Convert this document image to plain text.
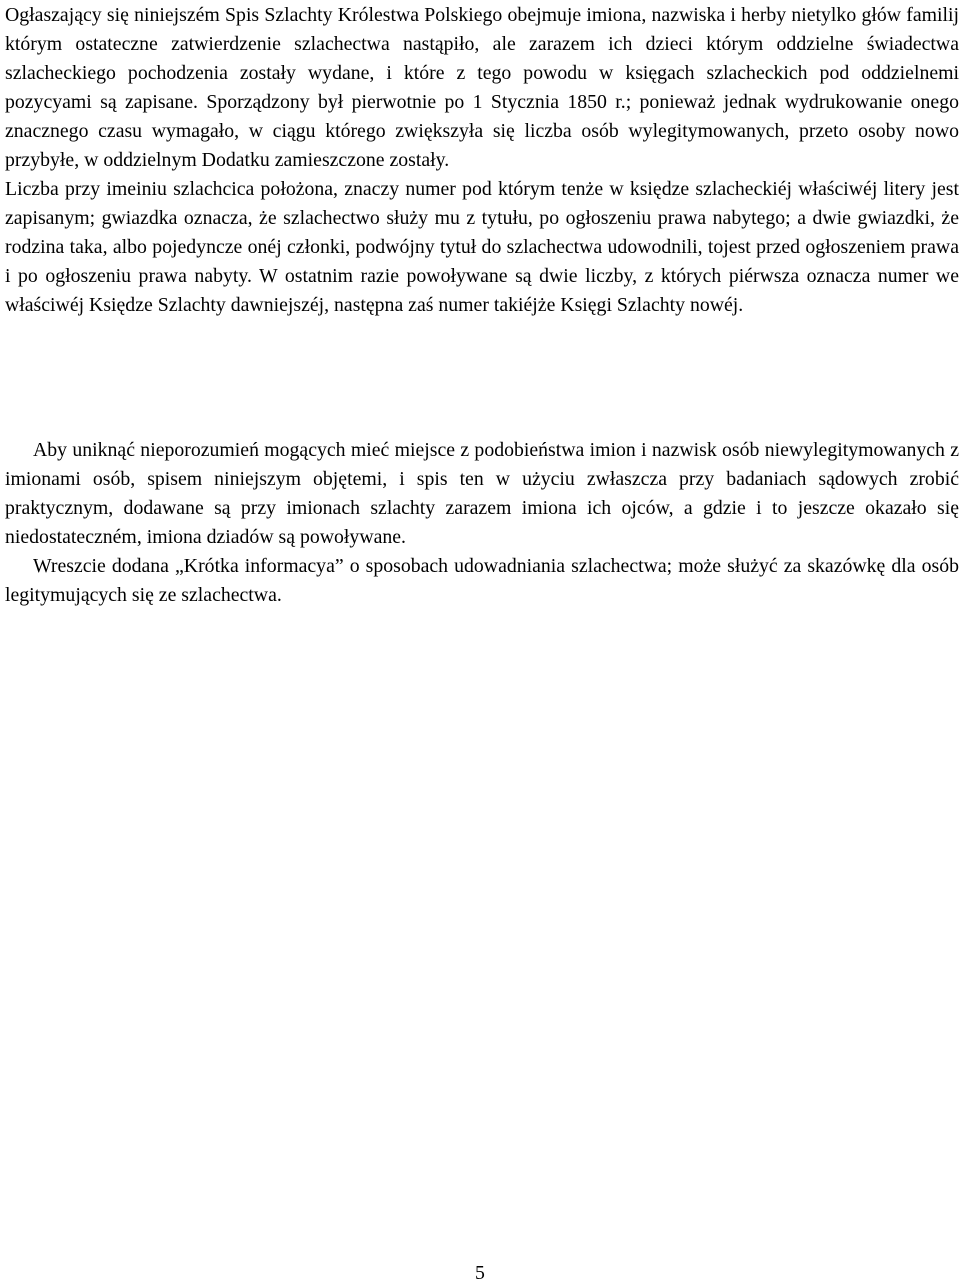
Ogłaszający się niniejszém Spis Szlachty Królestwa Polskiego obejmuje imiona, nazwiska i herby nietylko głów familij którym ostateczne zatwierdzenie szlachectwa nastąpiło, ale zarazem ich dzieci którym oddzielne świadectwa szlacheckiego pochodzenia zostały wydane, i które z tego powodu w księgach szlacheckich pod oddzielnemi pozycyami są zapisane. Sporządzony był pierwotnie po 1 Stycznia 1850 r.; ponieważ jednak wydrukowanie onego znacznego czasu wymagało, w ciągu którego zwiększyła się liczba osób wylegitymowanych, przeto osoby nowo przybyłe, w oddzielnym Dodatku zamieszczone zostały.

Liczba przy imeiniu szlachcica położona, znaczy numer pod którym tenże w księdze szlacheckiéj właściwéj litery jest zapisanym; gwiazdka oznacza, że szlachectwo służy mu z tytułu, po ogłoszeniu prawa nabytego; a dwie gwiazdki, że rodzina taka, albo pojedyncze onéj członki, podwójny tytuł do szlachectwa udowodnili, tojest przed ogłoszeniem prawa i po ogłoszeniu prawa nabyty. W ostatnim razie powoływane są dwie liczby, z których piérwsza oznacza numer we właściwéj Księdze Szlachty dawniejszéj, następna zaś numer takiéjże Księgi Szlachty nowéj.

Aby uniknąć nieporozumień mogących mieć miejsce z podobieństwa imion i nazwisk osób niewylegitymowanych z imionami osób, spisem niniejszym objętemi, i spis ten w użyciu zwłaszcza przy badaniach sądowych zrobić praktycznym, dodawane są przy imionach szlachty zarazem imiona ich ojców, a gdzie i to jeszcze okazało się niedostateczném, imiona dziadów są powoływane.

Wreszcie dodana „Krótka informacya” o sposobach udowadniania szlachectwa; może służyć za skazówkę dla osób legitymujących się ze szlachectwa.

5
